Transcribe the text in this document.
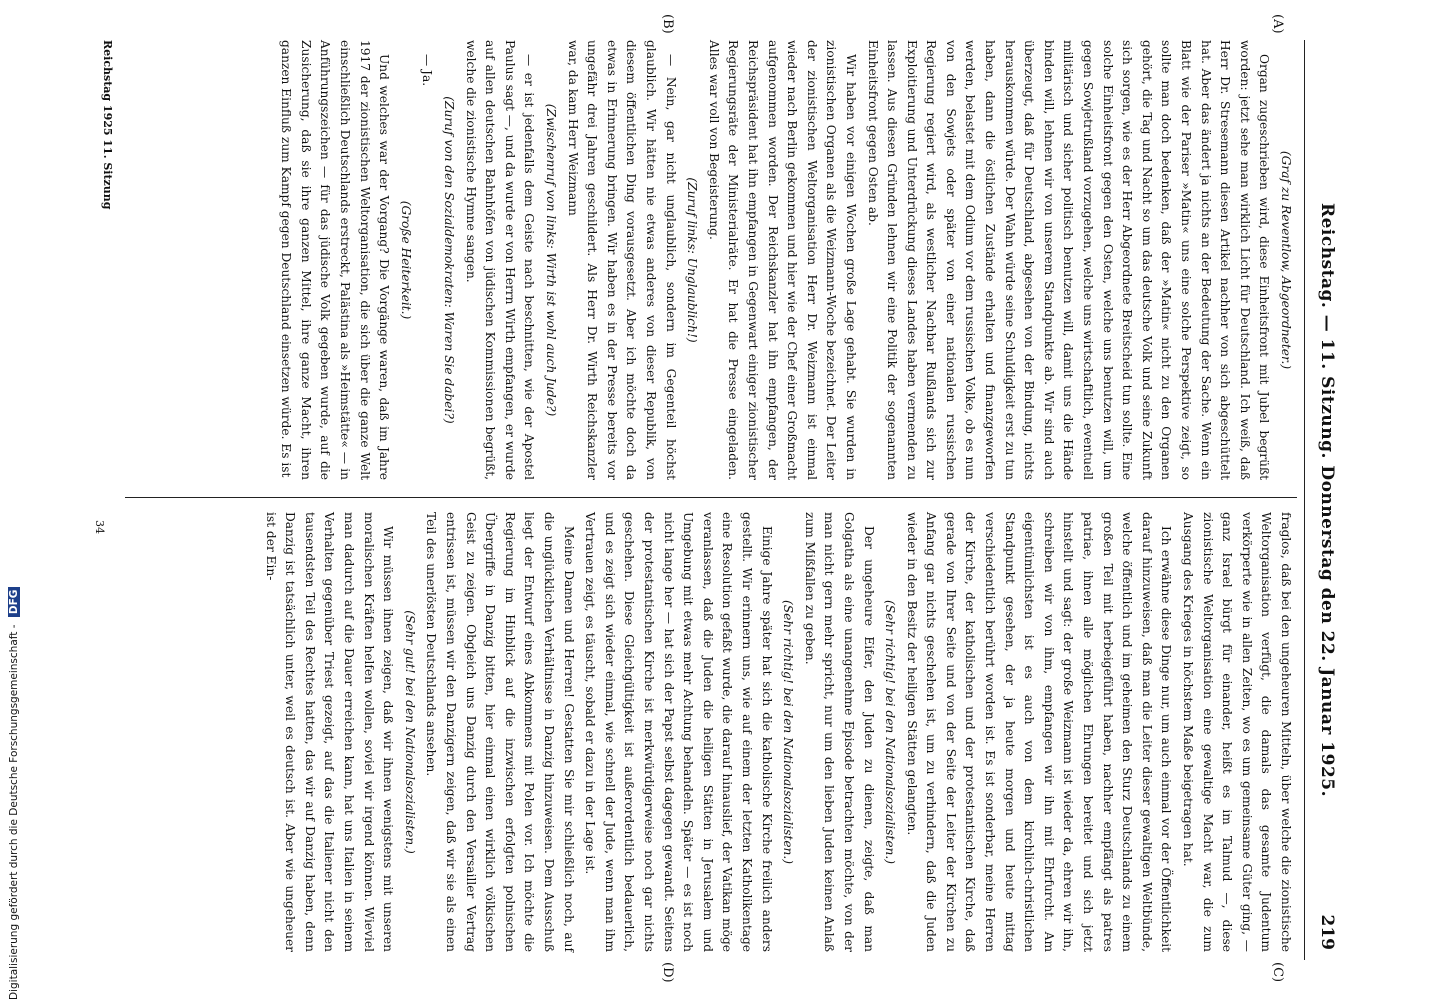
Reichstag. — 11. Sitzung. Donnerstag den 22. Januar 1925.
219
(A)
(B)
(C)
(D)

(Graf zu Reventlow, Abgeordneter.)

Organ zugeschrieben wird, diese Einheitsfront mit Jubel begrüßt worden: jetzt sehe man wirklich Licht für Deutschland. Ich weiß, daß Herr Dr. Stresemann diesen Artikel nachher von sich abgeschüttelt hat. Aber das ändert ja nichts an der Bedeutung der Sache. Wenn ein Blatt wie der Pariser »Matin« uns eine solche Perspektive zeigt, so sollte man doch bedenken, daß der »Matin« nicht zu den Organen gehört, die Tag und Nacht so um das deutsche Volk und seine Zukunft sich sorgen, wie es der Herr Abgeordnete Breitscheid tun sollte. Eine solche Einheitsfront gegen den Osten, welche uns benutzen will, um gegen Sowjetrußland vorzugehen, welche uns wirtschaftlich, eventuell militärisch und sicher politisch benutzen will, damit uns die Hände binden will, lehnen wir von unserem Standpunkte ab. Wir sind auch überzeugt, daß für Deutschland, abgesehen von der Bindung, nichts herauskommen würde. Der Wahn würde seine Schuldigkeit erst zu tun haben, dann die östlichen Zustände erhalten und finanzgeworfen werden, belastet mit dem Odium vor dem russischen Volke, ob es nun von den Sowjets oder später von einer nationalen russischen Regierung regiert wird, als westlicher Nachbar Rußlands sich zur Exploitierung und Unterdrückung dieses Landes haben vermenden zu lassen. Aus diesen Gründen lehnen wir eine Politik der sogenannten Einheitsfront gegen Osten ab.

Wir haben vor einigen Wochen große Lage gehabt. Sie wurden in zionistischen Organen als die Weizmann-Woche bezeichnet. Der Leiter der zionistischen Weltorganisation Herr Dr. Weizmann ist einmal wieder nach Berlin gekommen und hier wie der Chef einer Großmacht aufgenommen worden. Der Reichskanzler hat ihn empfangen, der Reichspräsident hat ihn empfangen in Gegenwart einiger zionistischer Regierungsräte der Ministerialräte. Er hat die Presse eingeladen. Alles war voll von Begeisterung.

(Zuruf links: Unglaublich!)

— Nein, gar nicht unglaublich, sondern im Gegenteil höchst glaublich. Wir hätten nie etwas anderes von dieser Republik, von diesem öffentlichen Ding vorausgesetzt. Aber ich möchte doch da etwas in Erinnerung bringen. Wir haben es in der Presse bereits vor ungefähr drei Jahren geschildert. Als Herr Dr. Wirth Reichskanzler war, da kam Herr Weizmann

(Zwischenruf von links: Wirth ist wohl auch Jude?)

— er ist jedenfalls dem Geiste nach beschnitten, wie der Apostel Paulus sagt —, und da wurde er von Herrn Wirth empfangen, er wurde auf allen deutschen Bahnhöfen von jüdischen Kommissionen begrüßt, welche die zionistische Hymne sangen.

(Zuruf von den Sozialdemokraten: Waren Sie dabei?)

— Ja.

(Große Heiterkeit.)

Und welches war der Vorgang? Die Vorgänge waren, daß im Jahre 1917 der zionistischen Weltorganisation, die sich über die ganze Welt einschließlich Deutschlands erstreckt, Palästina als »Heimstätte« — in Anführungszeichen — für das jüdische Volk gegeben wurde, auf die Zusicherung, daß sie ihre ganzen Mittel, ihre ganze Macht, ihren ganzen Einfluß zum Kampf gegen Deutschland einsetzen würde. Es ist

fraglos, daß bei den ungeheuren Mitteln, über welche die zionistische Weltorganisation verfügt, die damals das gesamte Judentum verkörperte wie in allen Zeiten, wo es um gemeinsame Güter ging, — ganz Israel bürgt für einander, heißt es im Talmud —, diese zionistische Weltorganisation eine gewaltige Macht war, die zum Ausgang des Krieges in höchstem Maße beigetragen hat.

Ich erwähne diese Dinge nur, um auch einmal vor der Öffentlichkeit darauf hinzuweisen, daß man die Leiter dieser gewaltigen Weltbünde, welche öffentlich und im geheimen den Sturz Deutschlands zu einem großen Teil mit herbeigeführt haben, nachher empfängt als patres patriae, ihnen alle möglichen Ehrungen bereitet und sich jetzt hinstellt und sagt: der große Weizmann ist wieder da, ehren wir ihn, schreiben wir von ihm, empfangen wir ihn mit Ehrfurcht. Am eigentümlichsten ist es auch von dem kirchlich-christlichen Standpunkt gesehen, der ja heute morgen und heute mittag verschiedentlich berührt worden ist. Es ist sonderbar, meine Herren der Kirche, der katholischen und der protestantischen Kirche, daß gerade von Ihrer Seite und von der Seite der Leiter der Kirchen zu Anfang gar nichts geschehen ist, um zu verhindern, daß die Juden wieder in den Besitz der heiligen Stätten gelangten.

(Sehr richtig! bei den Nationalsozialisten.)

Der ungeheure Eifer, den Juden zu dienen, zeigte, daß man Golgatha als eine unangenehme Episode betrachten möchte, von der man nicht gern mehr spricht, nur um den lieben Juden keinen Anlaß zum Mißfallen zu geben.

(Sehr richtig! bei den Nationalsozialisten.)

Einige Jahre später hat sich die katholische Kirche freilich anders gestellt. Wir erinnern uns, wie auf einem der letzten Katholikentage eine Resolution gefaßt wurde, die darauf hinauslief, der Vatikan möge veranlassen, daß die Juden die heiligen Stätten in Jerusalem und Umgebung mit etwas mehr Achtung behandeln. Später — es ist noch nicht lange her — hat sich der Papst selbst dagegen gewandt. Seitens der protestantischen Kirche ist merkwürdigerweise noch gar nichts geschehen. Diese Gleichgültigkeit ist außerordentlich bedauerlich, und es zeigt sich wieder einmal, wie schnell der Jude, wenn man ihm Vertrauen zeigt, es täuscht, sobald er dazu in der Lage ist.

Meine Damen und Herren! Gestatten Sie mir schließlich noch, auf die unglücklichen Verhältnisse in Danzig hinzuweisen. Dem Ausschuß liegt der Entwurf eines Abkommens mit Polen vor. Ich möchte die Regierung im Hinblick auf die inzwischen erfolgten polnischen Übergriffe in Danzig bitten, hier einmal einen wirklich völkischen Geist zu zeigen. Obgleich uns Danzig durch den Versailler Vertrag entrissen ist, müssen wir den Danzigern zeigen, daß wir sie als einen Teil des unerlösten Deutschlands ansehen.

(Sehr gut! bei den Nationalsozialisten.)

Wir müssen ihnen zeigen, daß wir ihnen wenigstens mit unseren moralischen Kräften helfen wollen, soviel wir irgend können. Wieviel man dadurch auf die Dauer erreichen kann, hat uns Italien in seinem Verhalten gegenüber Triest gezeigt, auf das die Italiener nicht den tausendsten Teil des Rechtes hatten, das wir auf Danzig haben, denn Danzig ist tatsächlich unter, weil es deutsch ist. Aber wie ungeheuer ist der Ein-

Reichstag 1925 11. Sitzung
34
Digitalisierung gefördert durch die Deutsche Forschungsgemeinschaft - DFG
